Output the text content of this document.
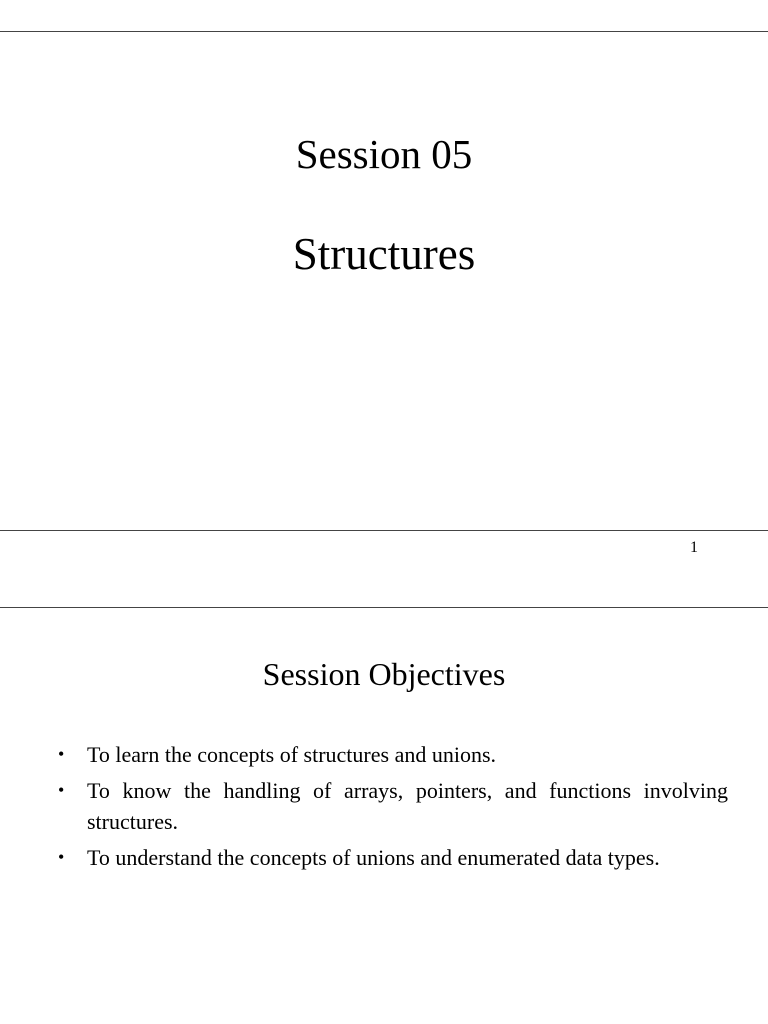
Session 05
Structures
1
Session Objectives
• To learn the concepts of structures and unions.
• To know the handling of arrays, pointers, and functions involving structures.
• To understand the concepts of unions and enumerated data types.
